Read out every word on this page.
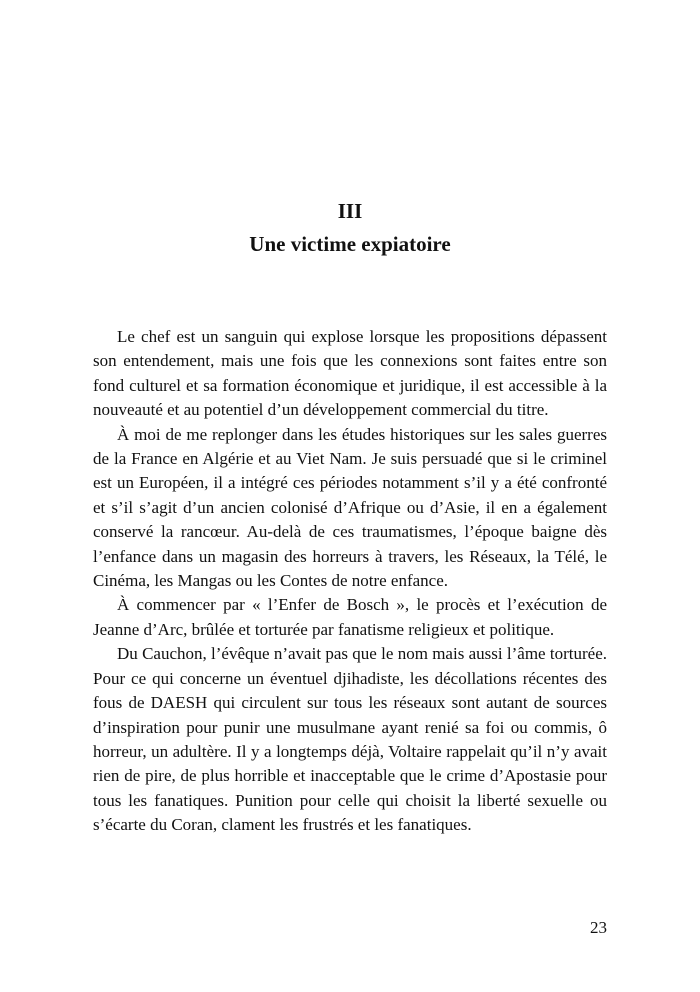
III
Une victime expiatoire

Le chef est un sanguin qui explose lorsque les propositions dépassent son entendement, mais une fois que les connexions sont faites entre son fond culturel et sa formation économique et juridique, il est accessible à la nouveauté et au potentiel d’un développement commercial du titre.

À moi de me replonger dans les études historiques sur les sales guerres de la France en Algérie et au Viet Nam. Je suis persuadé que si le criminel est un Européen, il a intégré ces périodes notamment s’il y a été confronté et s’il s’agit d’un ancien colonisé d’Afrique ou d’Asie, il en a également conservé la rancœur. Au-delà de ces traumatismes, l’époque baigne dès l’enfance dans un magasin des horreurs à travers, les Réseaux, la Télé, le Cinéma, les Mangas ou les Contes de notre enfance.

À commencer par « l’Enfer de Bosch », le procès et l’exécution de Jeanne d’Arc, brûlée et torturée par fanatisme religieux et politique.

Du Cauchon, l’évêque n’avait pas que le nom mais aussi l’âme torturée. Pour ce qui concerne un éventuel djihadiste, les décollations récentes des fous de DAESH qui circulent sur tous les réseaux sont autant de sources d’inspiration pour punir une musulmane ayant renié sa foi ou commis, ô horreur, un adultère. Il y a longtemps déjà, Voltaire rappelait qu’il n’y avait rien de pire, de plus horrible et inacceptable que le crime d’Apostasie pour tous les fanatiques. Punition pour celle qui choisit la liberté sexuelle ou s’écarte du Coran, clament les frustrés et les fanatiques.

23
